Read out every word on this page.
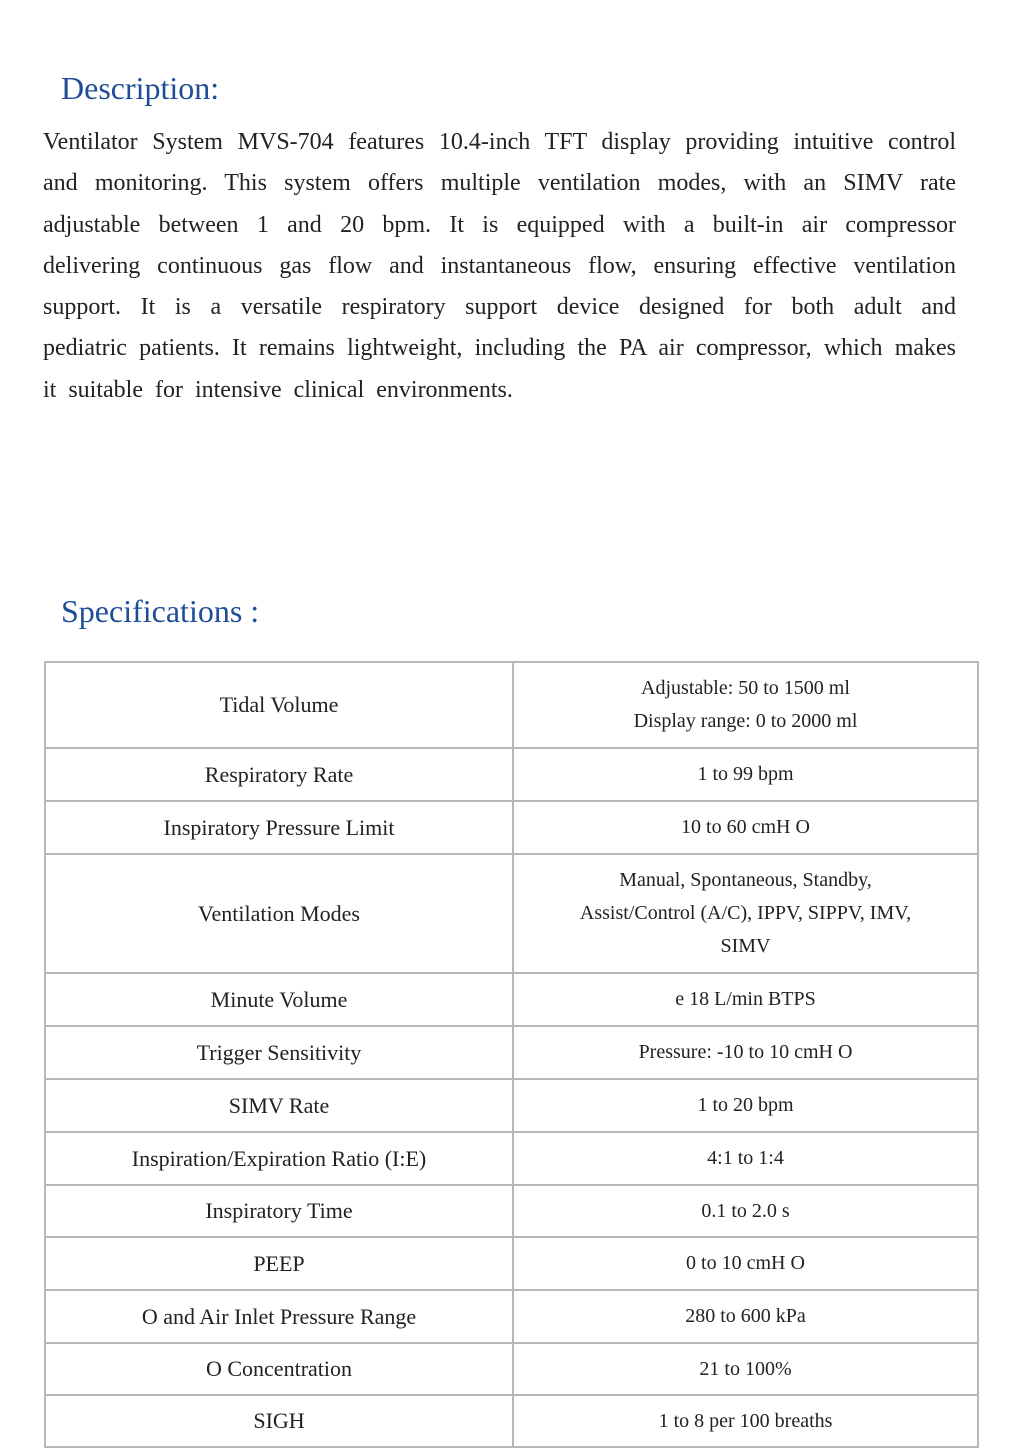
Description:

Ventilator System MVS-704 features 10.4-inch TFT display providing intuitive control and monitoring. This system offers multiple ventilation modes, with an SIMV rate adjustable between 1 and 20 bpm. It is equipped with a built-in air compressor delivering continuous gas flow and instantaneous flow, ensuring effective ventilation support. It is a versatile respiratory support device designed for both adult and pediatric patients. It remains lightweight, including the PA air compressor, which makes it suitable for intensive clinical environments.

Specifications :
Tidal Volume	Adjustable: 50 to 1500 ml
Display range: 0 to 2000 ml

Respiratory Rate	1 to 99 bpm

Inspiratory Pressure Limit	10 to 60 cmH O

Ventilation Modes	Manual, Spontaneous, Standby,
Assist/Control (A/C), IPPV, SIPPV, IMV,
SIMV

Minute Volume	e 18 L/min BTPS

Trigger Sensitivity	Pressure: -10 to 10 cmH O

SIMV Rate	1 to 20 bpm

Inspiration/Expiration Ratio (I:E)	4:1 to 1:4

Inspiratory Time	0.1 to 2.0 s

PEEP	0 to 10 cmH O

O and Air Inlet Pressure Range	280 to 600 kPa

O Concentration	21 to 100%

SIGH	1 to 8 per 100 breaths
